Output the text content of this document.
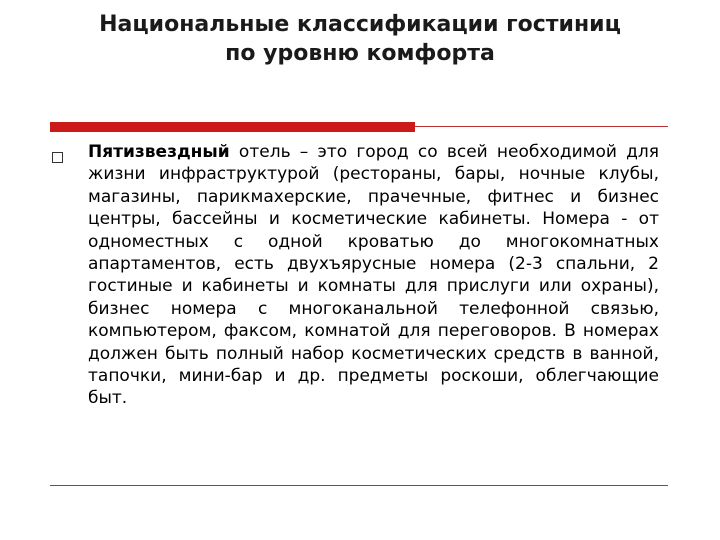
Национальные классификации гостиниц
по уровню комфорта
Пятизвездный отель – это город со всей необходимой для жизни инфраструктурой (рестораны, бары, ночные клубы, магазины, парикмахерские, прачечные, фитнес и бизнес центры, бассейны и косметические кабинеты. Номера - от одноместных с одной кроватью до многокомнатных апартаментов, есть двухъярусные номера (2-3 спальни, 2 гостиные и кабинеты и комнаты для прислуги или охраны), бизнес номера с многоканальной телефонной связью, компьютером, факсом, комнатой для переговоров. В номерах должен быть полный набор косметических средств в ванной, тапочки, мини-бар и др. предметы роскоши, облегчающие быт.
